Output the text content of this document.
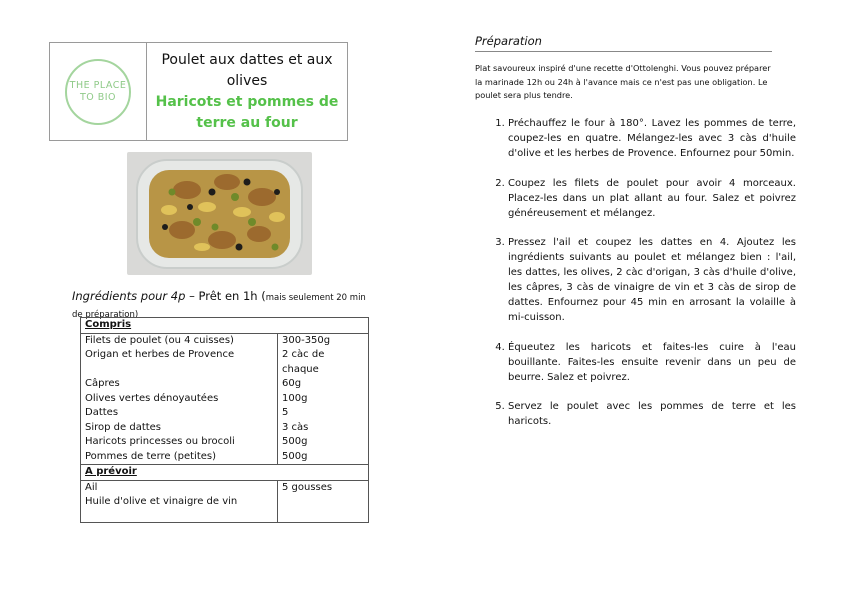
THE PLACE
TO BIO
Poulet aux dattes et aux olives
Haricots et pommes de terre au four
Ingrédients pour 4p – Prêt en 1h (mais seulement 20 min de préparation)
Compris	
Filets de poulet (ou 4 cuisses)	300-350g
Origan et herbes de Provence	2 càc de chaque
Câpres	60g
Olives vertes dénoyautées	100g
Dattes	5
Sirop de dattes	3 càs
Haricots princesses ou brocoli	500g
Pommes de terre (petites)	500g
A prévoir	
Ail	5 gousses
Huile d'olive et vinaigre de vin	
Préparation
Plat savoureux inspiré d'une recette d'Ottolenghi. Vous pouvez préparer la marinade 12h ou 24h à l'avance mais ce n'est pas une obligation. Le poulet sera plus tendre.
1. Préchauffez le four à 180°. Lavez les pommes de terre, coupez-les en quatre. Mélangez-les avec 3 càs d'huile d'olive et les herbes de Provence. Enfournez pour 50min.
2. Coupez les filets de poulet pour avoir 4 morceaux. Placez-les dans un plat allant au four. Salez et poivrez généreusement et mélangez.
3. Pressez l'ail et coupez les dattes en 4. Ajoutez les ingrédients suivants au poulet et mélangez bien : l'ail, les dattes, les olives, 2 càc d'origan, 3 càs d'huile d'olive, les câpres, 3 càs de vinaigre de vin et 3 càs de sirop de dattes. Enfournez pour 45 min en arrosant la volaille à mi-cuisson.
4. Équeutez les haricots et faites-les cuire à l'eau bouillante. Faites-les ensuite revenir dans un peu de beurre. Salez et poivrez.
5. Servez le poulet avec les pommes de terre et les haricots.
